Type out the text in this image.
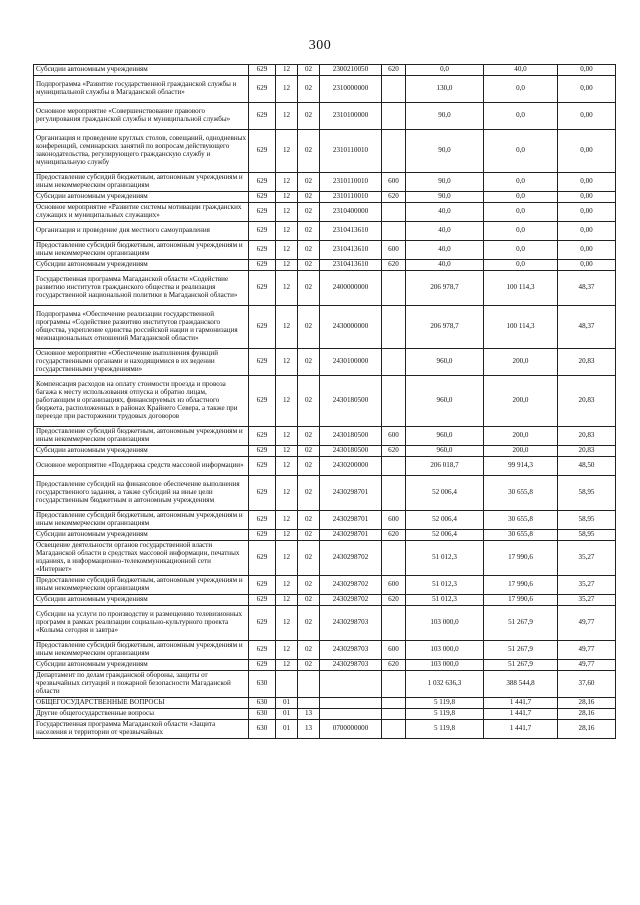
300
Субсидии автономным учреждениям	629	12	02	2300210050	620	0,0	40,0	0,00
Подпрограмма «Развитие государственной гражданской службы и муниципальной службы в Магаданской области»	629	12	02	2310000000		130,0	0,0	0,00
Основное мероприятие «Совершенствование правового регулирования гражданской службы и муниципальной службы»	629	12	02	2310100000		90,0	0,0	0,00
Организация и проведение круглых столов, совещаний, однодневных конференций, семинарских занятий по вопросам действующего законодательства, регулирующего гражданскую службу и муниципальную службу	629	12	02	2310110010		90,0	0,0	0,00
Предоставление субсидий бюджетным, автономным учреждениям и иным некоммерческим организациям	629	12	02	2310110010	600	90,0	0,0	0,00
Субсидии автономным учреждениям	629	12	02	2310110010	620	90,0	0,0	0,00
Основное мероприятие «Развитие системы мотивации гражданских служащих и муниципальных служащих»	629	12	02	2310400000		40,0	0,0	0,00
Организация и проведение дня местного самоуправления	629	12	02	2310413610		40,0	0,0	0,00
Предоставление субсидий бюджетным, автономным учреждениям и иным некоммерческим организациям	629	12	02	2310413610	600	40,0	0,0	0,00
Субсидии автономным учреждениям	629	12	02	2310413610	620	40,0	0,0	0,00
Государственная программа Магаданской области «Содействие развитию институтов гражданского общества и реализация государственной национальной политики в Магаданской области»	629	12	02	2400000000		206 978,7	100 114,3	48,37
Подпрограмма «Обеспечение реализации государственной программы «Содействие развитию институтов гражданского общества, укрепление единства российской нации и гармонизация межнациональных отношений Магаданской области»	629	12	02	2430000000		206 978,7	100 114,3	48,37
Основное мероприятие «Обеспечение выполнения функций государственными органами и находящимися в их ведении государственными учреждениями»	629	12	02	2430100000		960,0	200,0	20,83
Компенсация расходов на оплату стоимости проезда и провоза багажа к месту использования отпуска и обратно лицам, работающим в организациях, финансируемых из областного бюджета, расположенных в районах Крайнего Севера, а также при переезде при расторжении трудовых договоров	629	12	02	2430180500		960,0	200,0	20,83
Предоставление субсидий бюджетным, автономным учреждениям и иным некоммерческим организациям	629	12	02	2430180500	600	960,0	200,0	20,83
Субсидии автономным учреждениям	629	12	02	2430180500	620	960,0	200,0	20,83
Основное мероприятие «Поддержка средств массовой информации»	629	12	02	2430200000		206 018,7	99 914,3	48,50
Предоставление субсидий на финансовое обеспечение выполнения государственного задания, а также субсидий на иные цели государственным бюджетным и автономным учреждениям	629	12	02	2430298701		52 006,4	30 655,8	58,95
Предоставление субсидий бюджетным, автономным учреждениям и иным некоммерческим организациям	629	12	02	2430298701	600	52 006,4	30 655,8	58,95
Субсидии автономным учреждениям	629	12	02	2430298701	620	52 006,4	30 655,8	58,95
Освещение деятельности органов государственной власти Магаданской области в средствах массовой информации, печатных изданиях, в информационно-телекоммуникационной сети «Интернет»	629	12	02	2430298702		51 012,3	17 990,6	35,27
Предоставление субсидий бюджетным, автономным учреждениям и иным некоммерческим организациям	629	12	02	2430298702	600	51 012,3	17 990,6	35,27
Субсидии автономным учреждениям	629	12	02	2430298702	620	51 012,3	17 990,6	35,27
Субсидии на услуги по производству и размещению телевизионных программ в рамках реализации социально-культурного проекта «Колыма сегодня и завтра»	629	12	02	2430298703		103 000,0	51 267,9	49,77
Предоставление субсидий бюджетным, автономным учреждениям и иным некоммерческим организациям	629	12	02	2430298703	600	103 000,0	51 267,9	49,77
Субсидии автономным учреждениям	629	12	02	2430298703	620	103 000,0	51 267,9	49,77
Департамент по делам гражданской обороны, защиты от чрезвычайных ситуаций и пожарной безопасности Магаданской области	630					1 032 636,3	388 544,8	37,60
ОБЩЕГОСУДАРСТВЕННЫЕ ВОПРОСЫ	630	01				5 119,8	1 441,7	28,16
Другие общегосударственные вопросы	630	01	13			5 119,8	1 441,7	28,16
Государственная программа Магаданской области «Защита населения и территории от чрезвычайных	630	01	13	0700000000		5 119,8	1 441,7	28,16
